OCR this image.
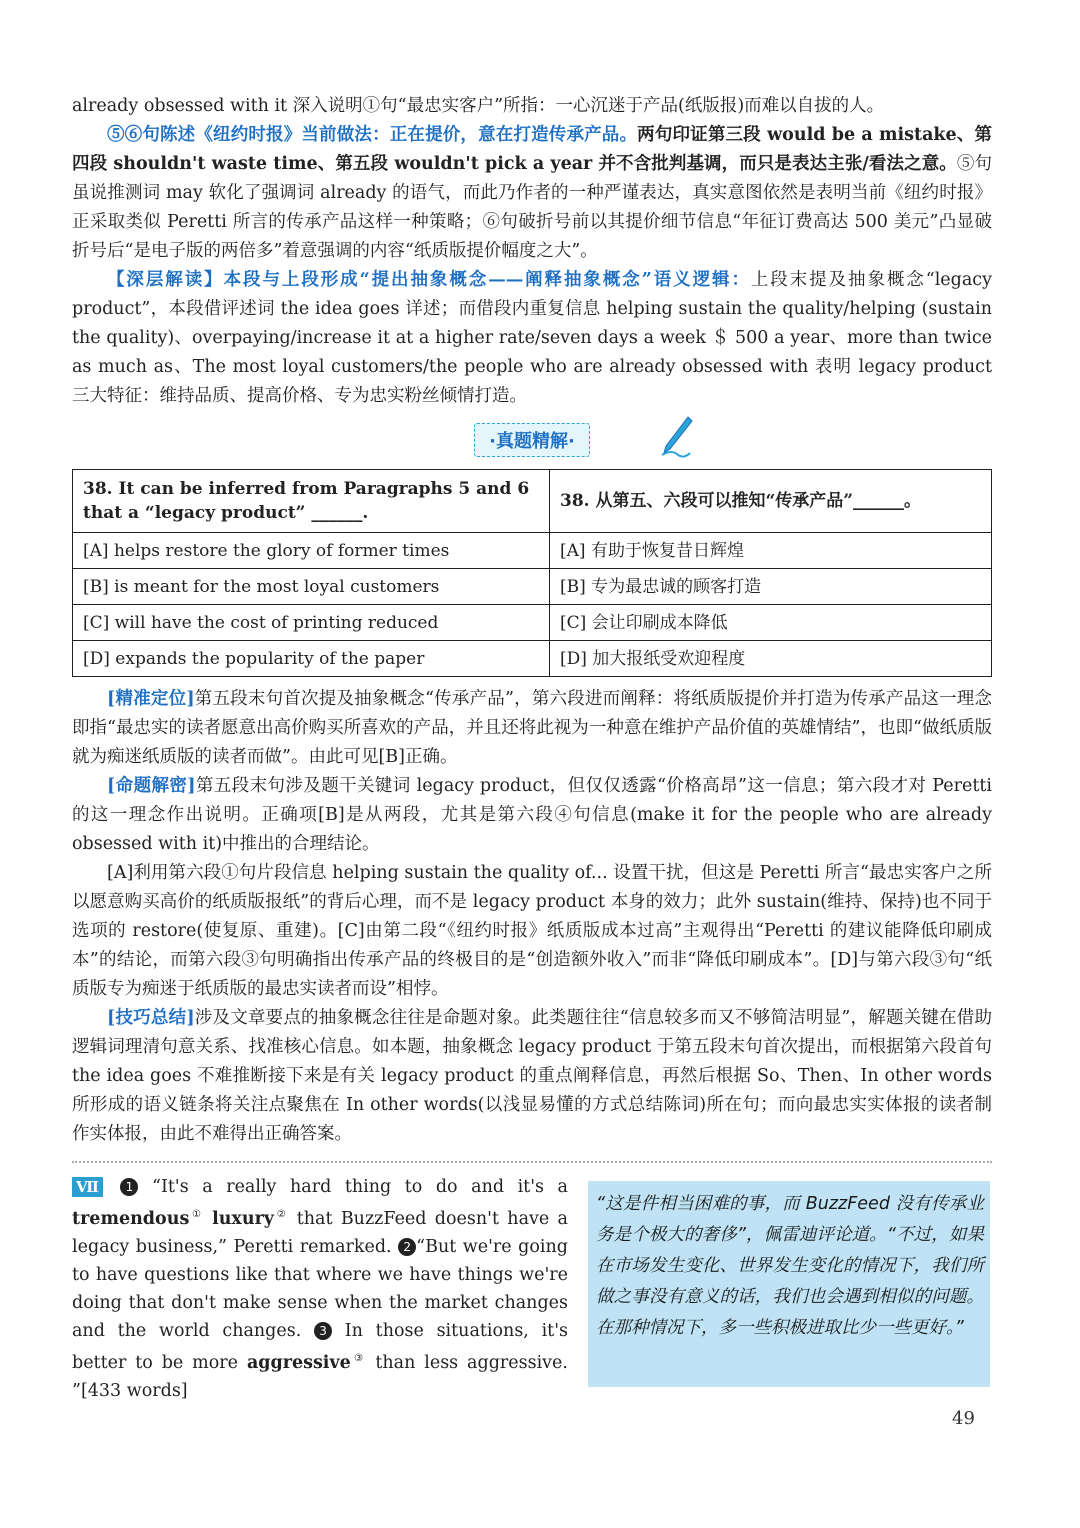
already obsessed with it 深入说明①句“最忠实客户”所指：一心沉迷于产品(纸版报)而难以自拔的人。

⑤⑥句陈述《纽约时报》当前做法：正在提价，意在打造传承产品。两句印证第三段 would be a mistake、第四段 shouldn't waste time、第五段 wouldn't pick a year 并不含批判基调，而只是表达主张/看法之意。⑤句虽说推测词 may 软化了强调词 already 的语气，而此乃作者的一种严谨表达，真实意图依然是表明当前《纽约时报》正采取类似 Peretti 所言的传承产品这样一种策略；⑥句破折号前以其提价细节信息“年征订费高达 500 美元”凸显破折号后“是电子版的两倍多”着意强调的内容“纸质版提价幅度之大”。

【深层解读】本段与上段形成“提出抽象概念——阐释抽象概念”语义逻辑：上段末提及抽象概念“legacy product”，本段借评述词 the idea goes 详述；而借段内重复信息 helping sustain the quality/helping (sustain the quality)、overpaying/increase it at a higher rate/seven days a week ＄ 500 a year、more than twice as much as、The most loyal customers/the people who are already obsessed with 表明 legacy product 三大特征：维持品质、提高价格、专为忠实粉丝倾情打造。

·真题精解·
38. It can be inferred from Paragraphs 5 and 6 that a “legacy product” ______.	38. 从第五、六段可以推知“传承产品”______。
[A] helps restore the glory of former times	[A] 有助于恢复昔日辉煌
[B] is meant for the most loyal customers	[B] 专为最忠诚的顾客打造
[C] will have the cost of printing reduced	[C] 会让印刷成本降低
[D] expands the popularity of the paper	[D] 加大报纸受欢迎程度

[精准定位]第五段末句首次提及抽象概念“传承产品”，第六段进而阐释：将纸质版提价并打造为传承产品这一理念即指“最忠实的读者愿意出高价购买所喜欢的产品，并且还将此视为一种意在维护产品价值的英雄情结”，也即“做纸质版就为痴迷纸质版的读者而做”。由此可见[B]正确。

[命题解密]第五段末句涉及题干关键词 legacy product，但仅仅透露“价格高昂”这一信息；第六段才对 Peretti 的这一理念作出说明。正确项[B]是从两段，尤其是第六段④句信息(make it for the people who are already obsessed with it)中推出的合理结论。

[A]利用第六段①句片段信息 helping sustain the quality of... 设置干扰，但这是 Peretti 所言“最忠实客户之所以愿意购买高价的纸质版报纸”的背后心理，而不是 legacy product 本身的效力；此外 sustain(维持、保持)也不同于选项的 restore(使复原、重建)。[C]由第二段“《纽约时报》纸质版成本过高”主观得出“Peretti 的建议能降低印刷成本”的结论，而第六段③句明确指出传承产品的终极目的是“创造额外收入”而非“降低印刷成本”。[D]与第六段③句“纸质版专为痴迷于纸质版的最忠实读者而设”相悖。

[技巧总结]涉及文章要点的抽象概念往往是命题对象。此类题往往“信息较多而又不够简洁明显”，解题关键在借助逻辑词理清句意关系、找准核心信息。如本题，抽象概念 legacy product 于第五段末句首次提出，而根据第六段首句 the idea goes 不难推断接下来是有关 legacy product 的重点阐释信息，再然后根据 So、Then、In other words 所形成的语义链条将关注点聚焦在 In other words(以浅显易懂的方式总结陈词)所在句；而向最忠实实体报的读者制作实体报，由此不难得出正确答案。

Ⅶ 1 “It's a really hard thing to do and it's a tremendous① luxury② that BuzzFeed doesn't have a legacy business,” Peretti remarked. 2 “But we're going to have questions like that where we have things we're doing that don't make sense when the market changes and the world changes. 3 In those situations, it's better to be more aggressive③ than less aggressive. ”[433 words]
“这是件相当困难的事，而 BuzzFeed 没有传承业务是个极大的奢侈”，佩雷迪评论道。“不过，如果在市场发生变化、世界发生变化的情况下，我们所做之事没有意义的话，我们也会遇到相似的问题。在那种情况下，多一些积极进取比少一些更好。”
49
